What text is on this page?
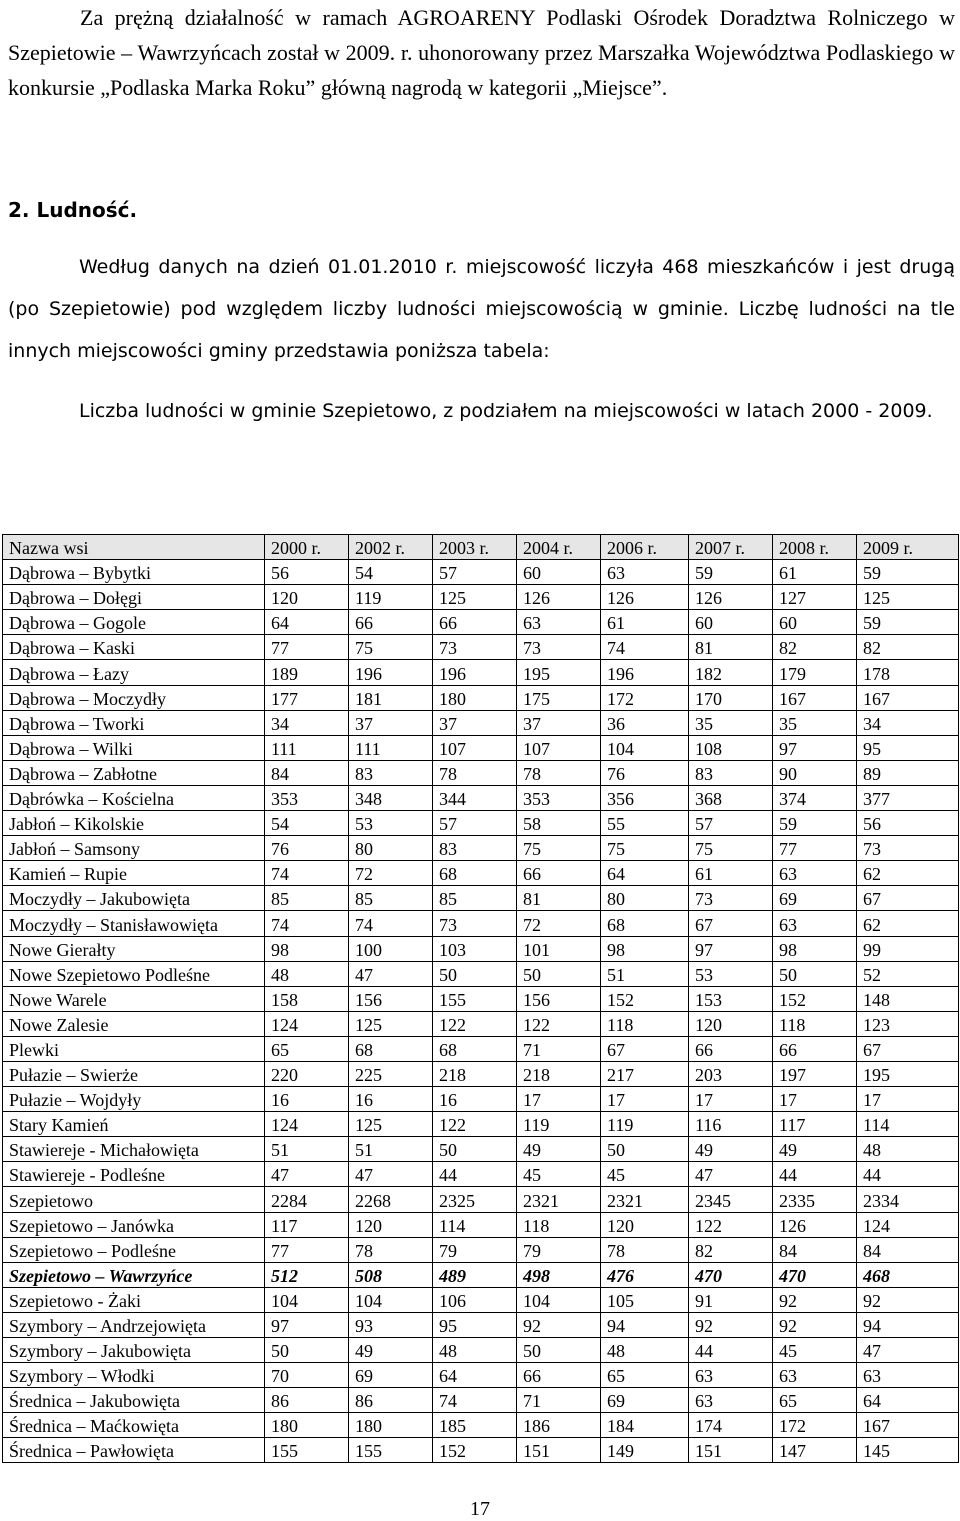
Za prężną działalność w ramach AGROARENY Podlaski Ośrodek Doradztwa Rolniczego w Szepietowie – Wawrzyńcach został w 2009. r. uhonorowany przez Marszałka Województwa Podlaskiego w konkursie „Podlaska Marka Roku” główną nagrodą w kategorii „Miejsce”.

2. Ludność.

Według danych na dzień 01.01.2010 r. miejscowość liczyła 468 mieszkańców i jest drugą (po Szepietowie) pod względem liczby ludności miejscowością w gminie. Liczbę ludności na tle innych miejscowości gminy przedstawia poniższa tabela:

Liczba ludności w gminie Szepietowo, z podziałem na miejscowości w latach 2000 - 2009.

Nazwa wsi	2000 r.	2002 r.	2003 r.	2004 r.	2006 r.	2007 r.	2008 r.	2009 r.
Dąbrowa – Bybytki	56	54	57	60	63	59	61	59
Dąbrowa – Dołęgi	120	119	125	126	126	126	127	125
Dąbrowa – Gogole	64	66	66	63	61	60	60	59
Dąbrowa – Kaski	77	75	73	73	74	81	82	82
Dąbrowa – Łazy	189	196	196	195	196	182	179	178
Dąbrowa – Moczydły	177	181	180	175	172	170	167	167
Dąbrowa – Tworki	34	37	37	37	36	35	35	34
Dąbrowa – Wilki	111	111	107	107	104	108	97	95
Dąbrowa – Zabłotne	84	83	78	78	76	83	90	89
Dąbrówka – Kościelna	353	348	344	353	356	368	374	377
Jabłoń – Kikolskie	54	53	57	58	55	57	59	56
Jabłoń – Samsony	76	80	83	75	75	75	77	73
Kamień – Rupie	74	72	68	66	64	61	63	62
Moczydły – Jakubowięta	85	85	85	81	80	73	69	67
Moczydły – Stanisławowięta	74	74	73	72	68	67	63	62
Nowe Gierałty	98	100	103	101	98	97	98	99
Nowe Szepietowo Podleśne	48	47	50	50	51	53	50	52
Nowe Warele	158	156	155	156	152	153	152	148
Nowe Zalesie	124	125	122	122	118	120	118	123
Plewki	65	68	68	71	67	66	66	67
Pułazie – Swierże	220	225	218	218	217	203	197	195
Pułazie – Wojdyły	16	16	16	17	17	17	17	17
Stary Kamień	124	125	122	119	119	116	117	114
Stawiereje - Michałowięta	51	51	50	49	50	49	49	48
Stawiereje - Podleśne	47	47	44	45	45	47	44	44
Szepietowo	2284	2268	2325	2321	2321	2345	2335	2334
Szepietowo – Janówka	117	120	114	118	120	122	126	124
Szepietowo – Podleśne	77	78	79	79	78	82	84	84
Szepietowo – Wawrzyńce	512	508	489	498	476	470	470	468
Szepietowo - Żaki	104	104	106	104	105	91	92	92
Szymbory – Andrzejowięta	97	93	95	92	94	92	92	94
Szymbory – Jakubowięta	50	49	48	50	48	44	45	47
Szymbory – Włodki	70	69	64	66	65	63	63	63
Średnica – Jakubowięta	86	86	74	71	69	63	65	64
Średnica – Maćkowięta	180	180	185	186	184	174	172	167
Średnica – Pawłowięta	155	155	152	151	149	151	147	145

17
